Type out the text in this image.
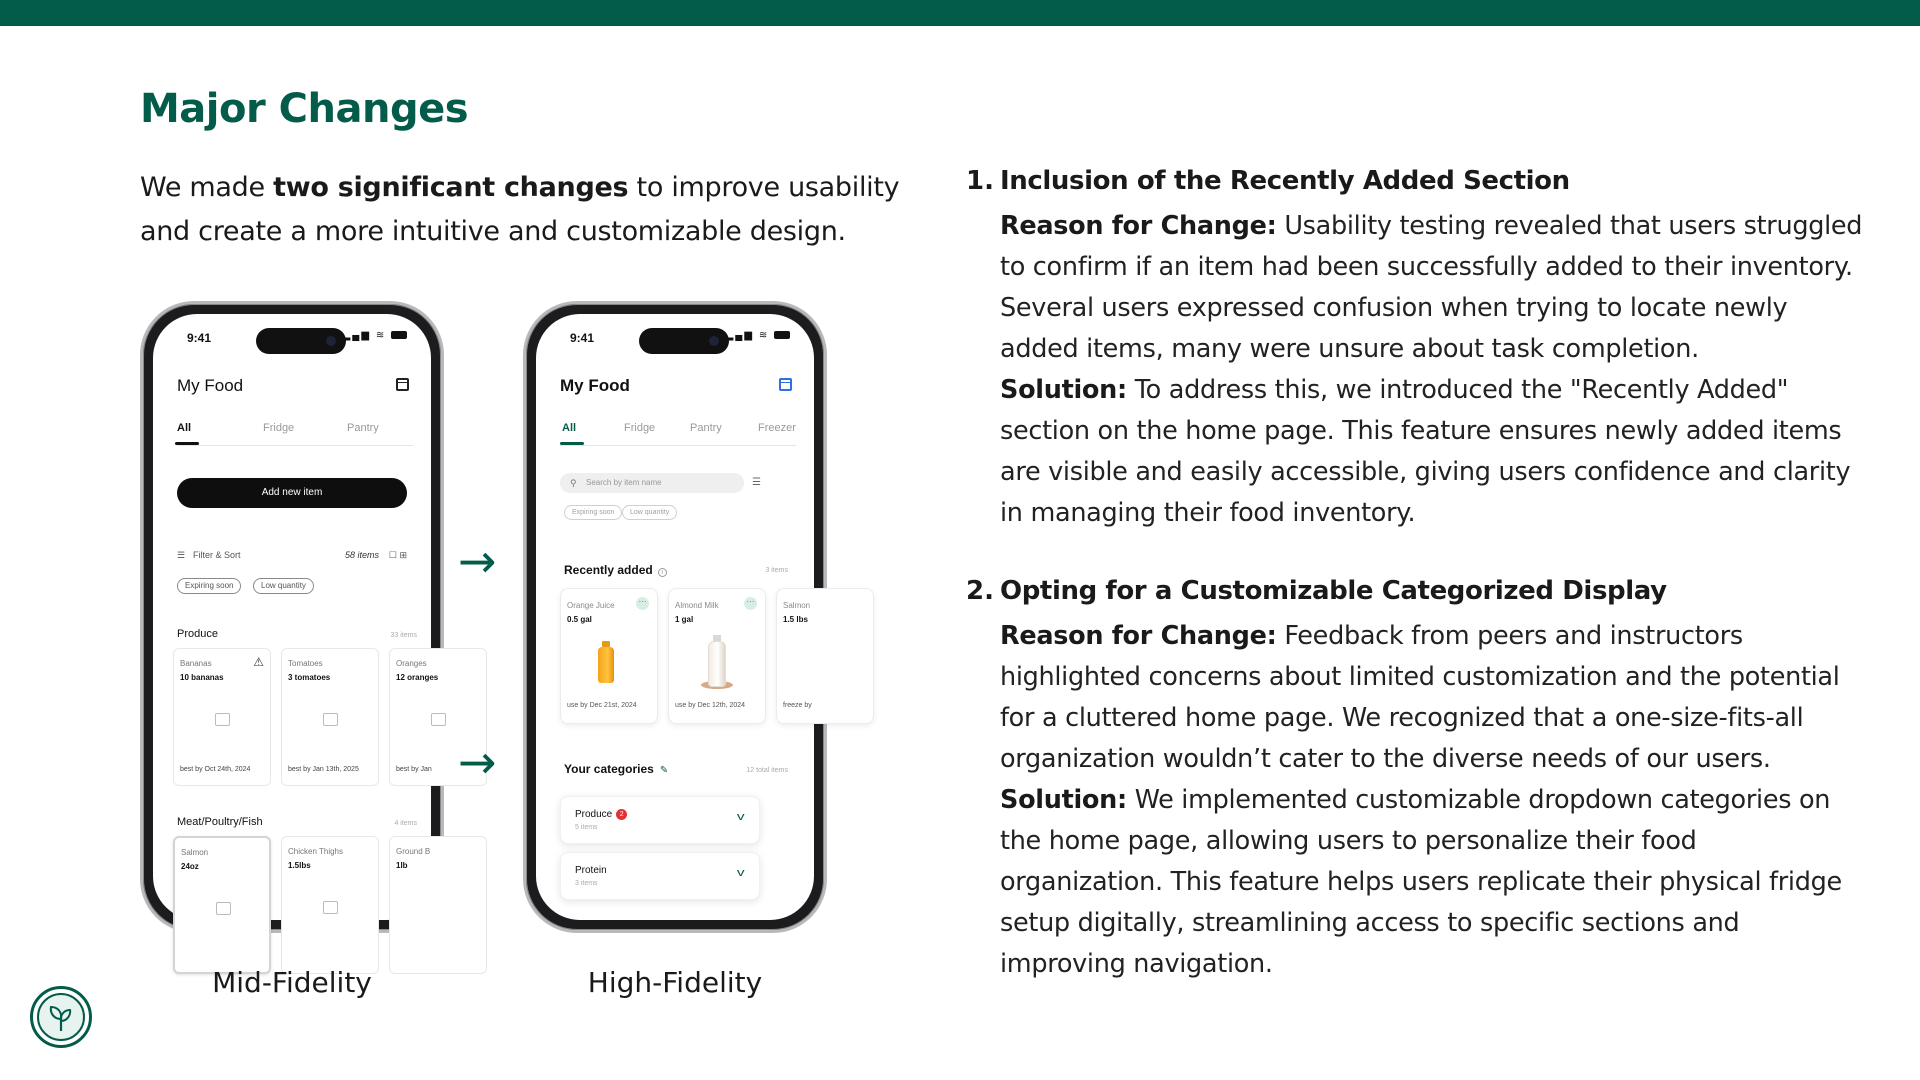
Major Changes

We made two significant changes to improve usability and create a more intuitive and customizable design.

9:41	▂▄▆ ≋
My Food
All	Fridge	Pantry
Add new item
☰ Filter & Sort	58 items ☐ ⊞
Expiring soon	Low quantity
Produce	33 items
Bananas
10 bananas
⚠
best by Oct 24th, 2024
Tomatoes
3 tomatoes
best by Jan 13th, 2025
Oranges
12 oranges
best by Jan
Meat/Poultry/Fish	4 items
Salmon
24oz
Chicken Thighs
1.5lbs
Ground B
1lb
9:41	▂▄▆ ≋
My Food
All	Fridge	Pantry	Freezer
⚲ Search by item name	☰
Expiring soon	Low quantity
Recently added i	3 items
Orange Juice
0.5 gal
···
use by Dec 21st, 2024
Almond Milk
1 gal
···
use by Dec 12th, 2024
Salmon
1.5 lbs
freeze by
Your categories ✎	12 total items
Produce 2
5 items
v
Protein
3 items
v
→
→
Mid-Fidelity	High-Fidelity
1. Inclusion of the Recently Added Section

Reason for Change: Usability testing revealed that users struggled to confirm if an item had been successfully added to their inventory. Several users expressed confusion when trying to locate newly added items, many were unsure about task completion.

Solution: To address this, we introduced the "Recently Added" section on the home page. This feature ensures newly added items are visible and easily accessible, giving users confidence and clarity in managing their food inventory.

2. Opting for a Customizable Categorized Display

Reason for Change: Feedback from peers and instructors highlighted concerns about limited customization and the potential for a cluttered home page. We recognized that a one-size-fits-all organization wouldn’t cater to the diverse needs of our users.

Solution: We implemented customizable dropdown categories on the home page, allowing users to personalize their food organization. This feature helps users replicate their physical fridge setup digitally, streamlining access to specific sections and improving navigation.
